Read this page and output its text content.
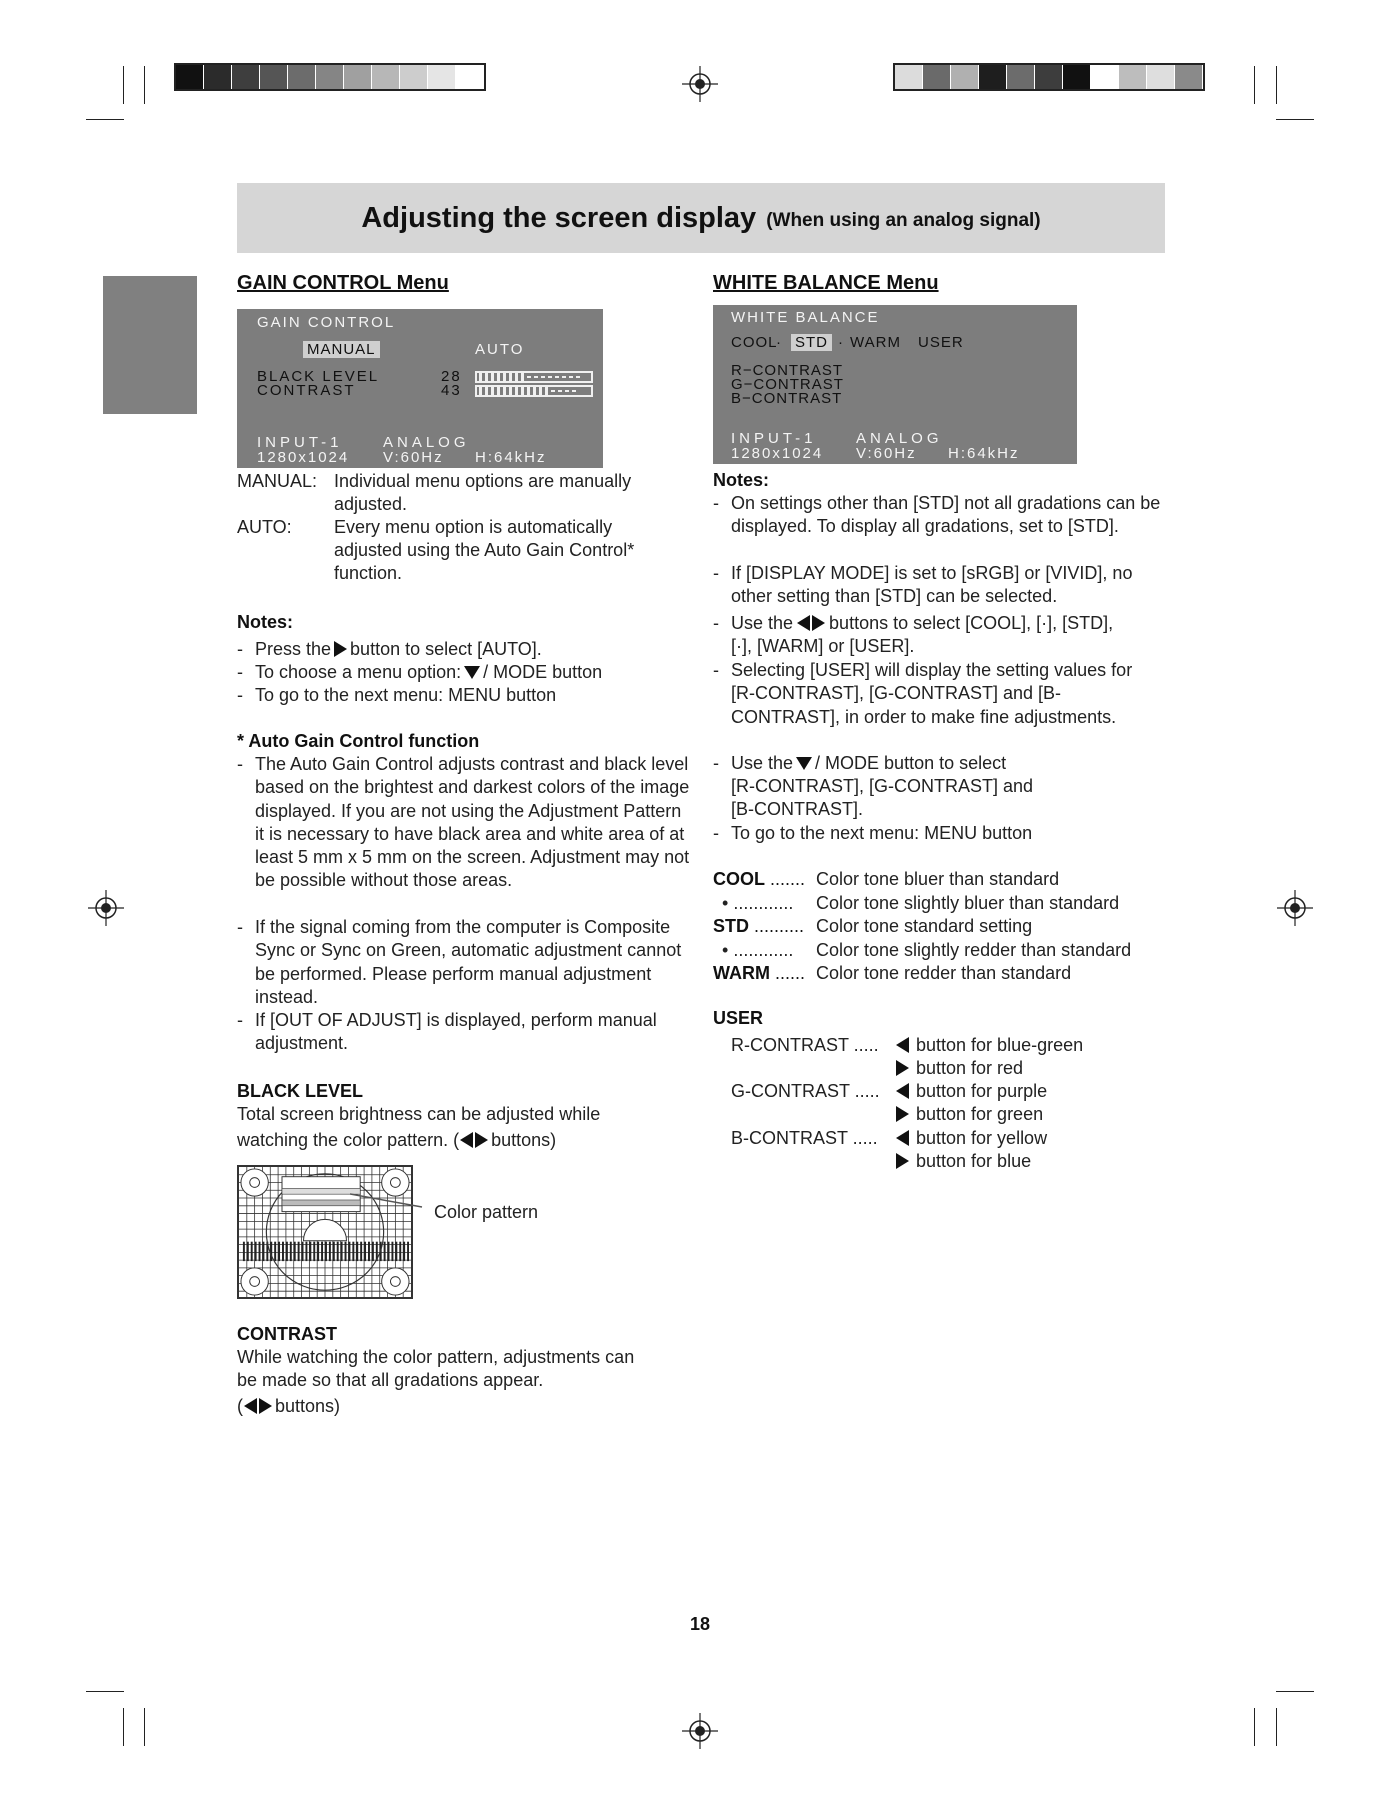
Adjusting the screen display (When using an analog signal)
GAIN CONTROL Menu
GAIN CONTROL
MANUAL	AUTO
BLACK LEVEL	28
CONTRAST	43
INPUT-1	ANALOG
1280x1024 V:60Hz H:64kHz
MANUAL: Individual menu options are manually
adjusted.
AUTO: Every menu option is automatically
adjusted using the Auto Gain Control*
function.
Notes:
- Press the button to select [AUTO].
- To choose a menu option: / MODE button
- To go to the next menu: MENU button
* Auto Gain Control function
- The Auto Gain Control adjusts contrast and black level based on the brightest and darkest colors of the image displayed. If you are not using the Adjustment Pattern it is necessary to have black area and white area of at least 5 mm x 5 mm on the screen. Adjustment may not be possible without those areas.
- If the signal coming from the computer is Composite Sync or Sync on Green, automatic adjustment cannot be performed. Please perform manual adjustment instead.
- If [OUT OF ADJUST] is displayed, perform manual adjustment.
BLACK LEVEL
Total screen brightness can be adjusted while
watching the color pattern. ( buttons)
Color pattern
CONTRAST
While watching the color pattern, adjustments can
be made so that all gradations appear.
( buttons)
WHITE BALANCE Menu
WHITE BALANCE
COOL
· STD · WARM USER
R−CONTRAST
G−CONTRAST
B−CONTRAST
INPUT-1	ANALOG
1280x1024 V:60Hz H:64kHz
Notes:
- On settings other than [STD] not all gradations can be displayed. To display all gradations, set to [STD].
- If [DISPLAY MODE] is set to [sRGB] or [VIVID], no other setting than [STD] can be selected.
- Use the buttons to select [COOL], [·], [STD],
[·], [WARM] or [USER].
- Selecting [USER] will display the setting values for [R-CONTRAST], [G-CONTRAST] and [B-CONTRAST], in order to make fine adjustments.
- Use the / MODE button to select
[R-CONTRAST], [G-CONTRAST] and
[B-CONTRAST].
- To go to the next menu: MENU button
COOL ....... Color tone bluer than standard
• ............ Color tone slightly bluer than standard
STD .......... Color tone standard setting
• ............ Color tone slightly redder than standard
WARM ...... Color tone redder than standard
USER
R-CONTRAST .....	button for blue-green
button for red
G-CONTRAST .....	button for purple
button for green
B-CONTRAST .....	button for yellow
button for blue
18
